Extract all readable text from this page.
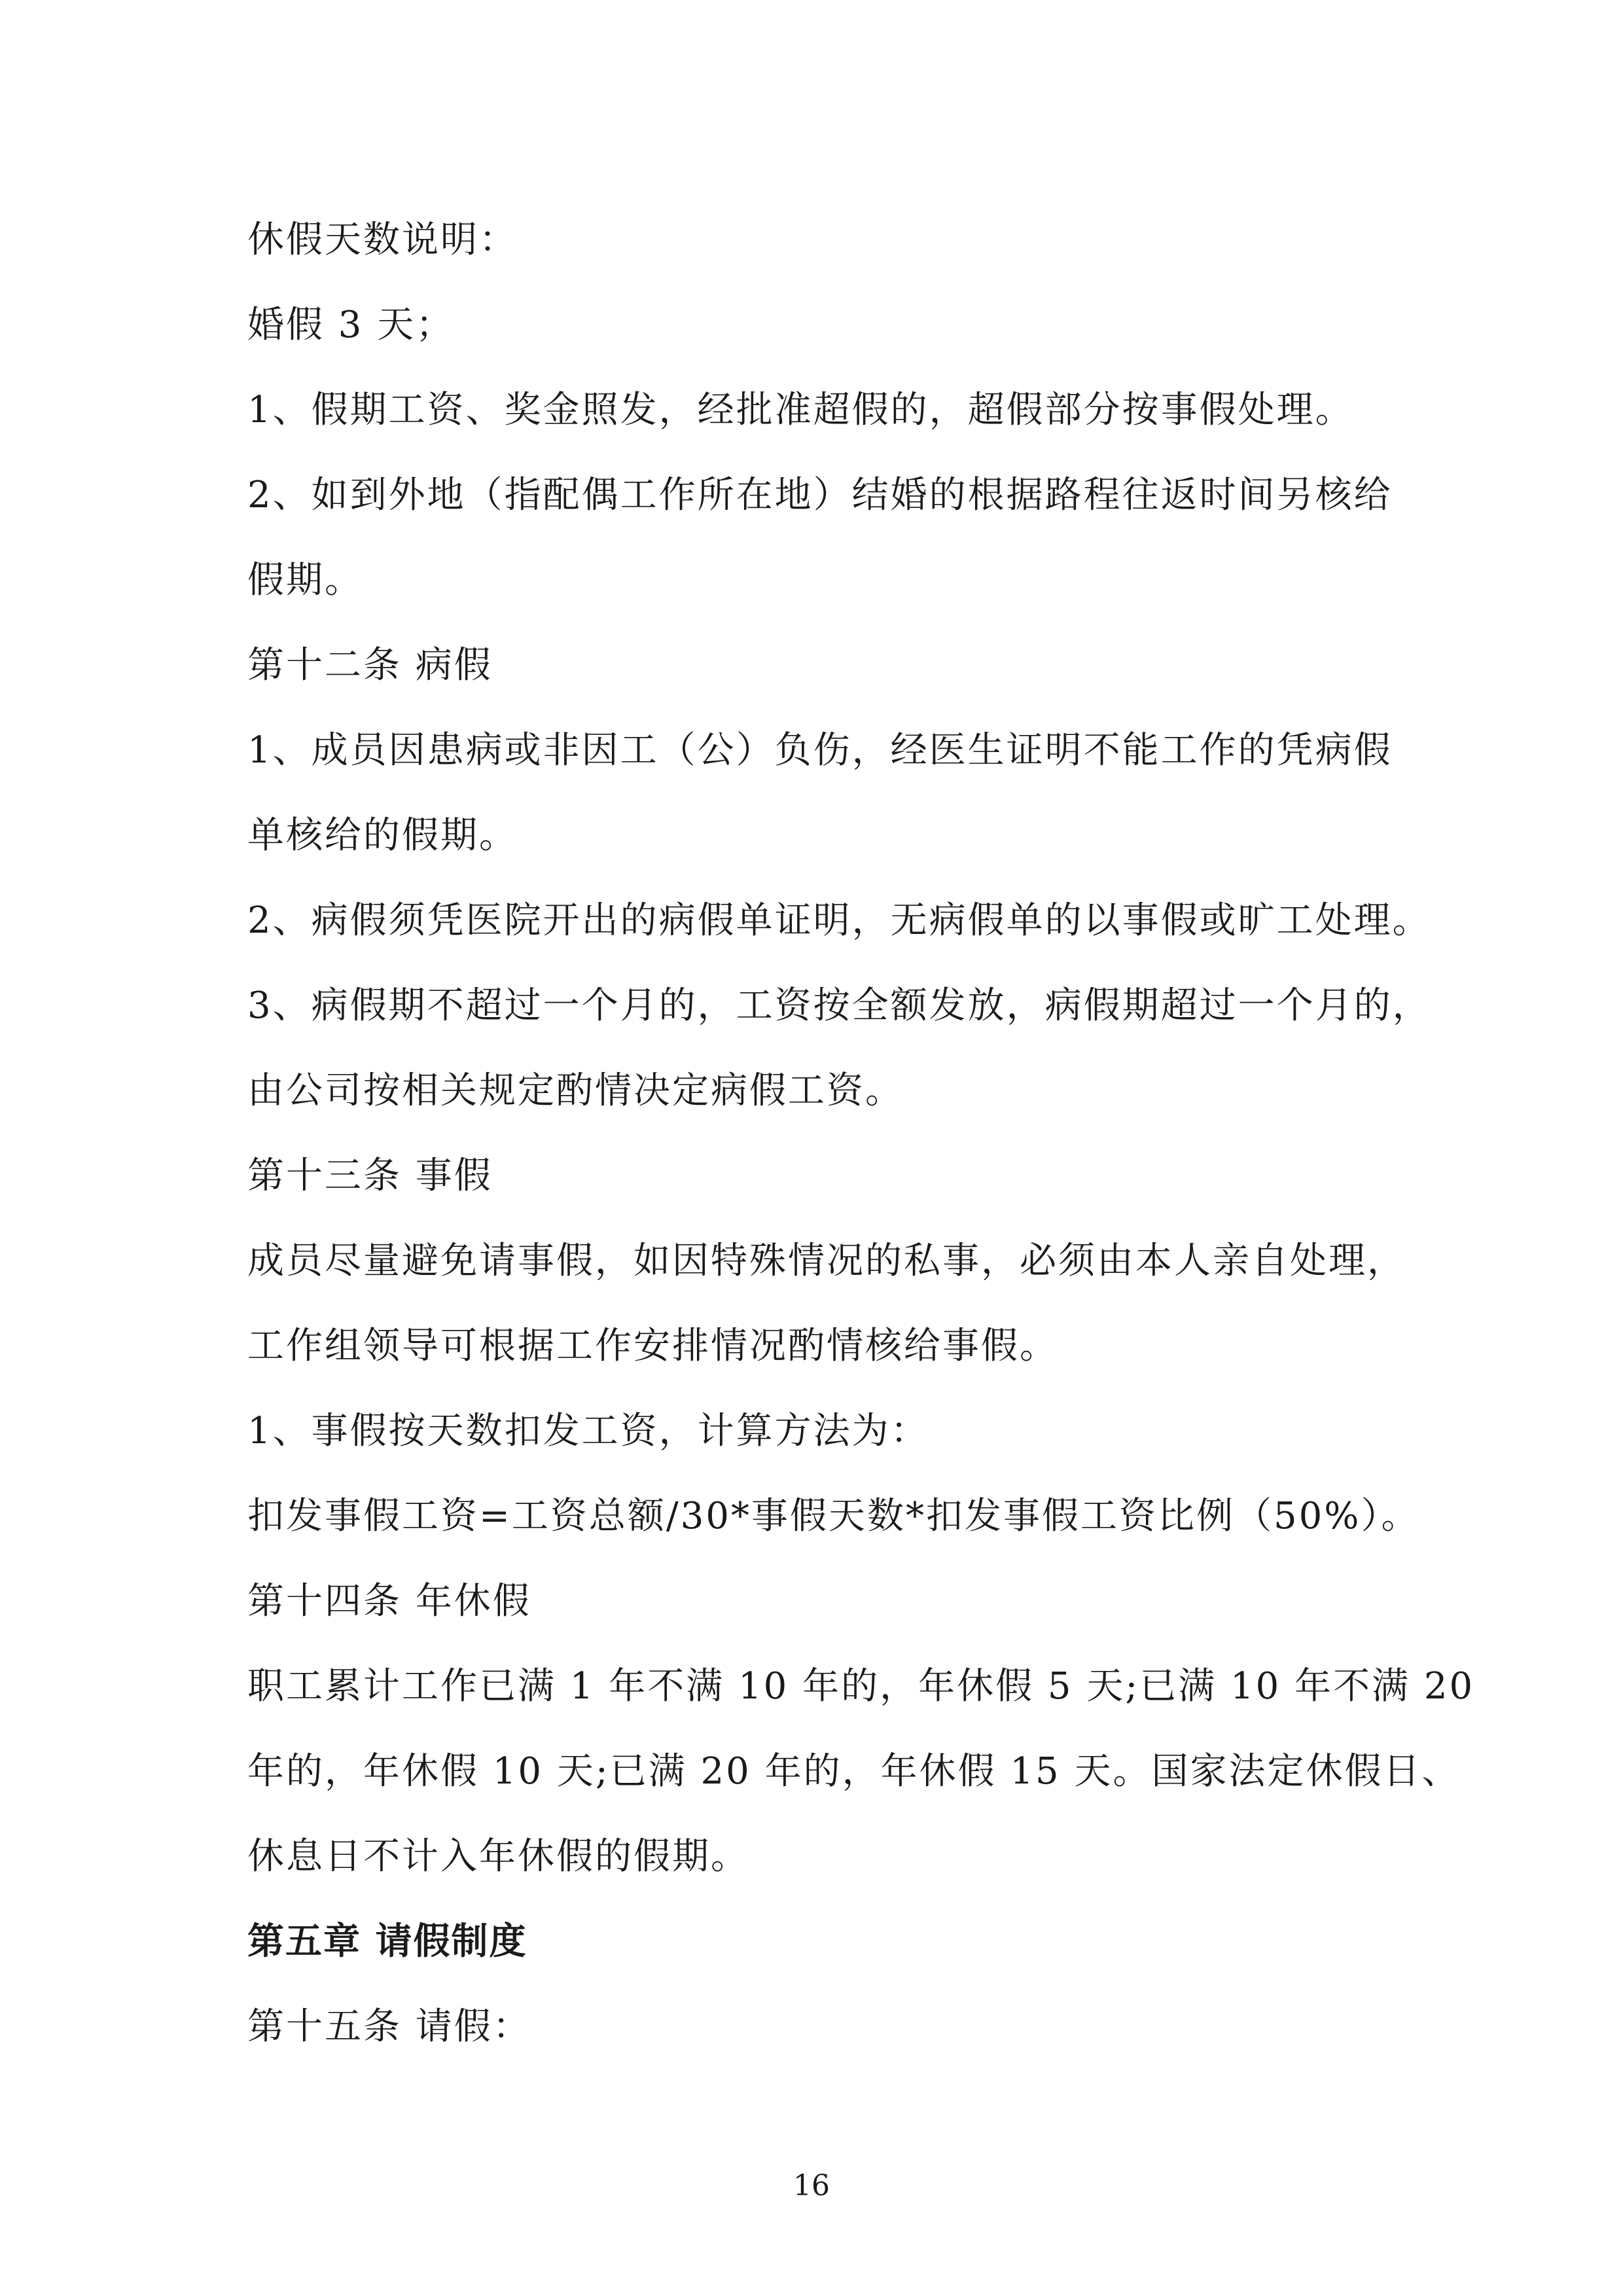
休假天数说明：
婚假 3 天；
1、假期工资、奖金照发，经批准超假的，超假部分按事假处理。
2、如到外地（指配偶工作所在地）结婚的根据路程往返时间另核给
假期。
第十二条 病假
1、成员因患病或非因工（公）负伤，经医生证明不能工作的凭病假
单核给的假期。
2、病假须凭医院开出的病假单证明，无病假单的以事假或旷工处理。
3、病假期不超过一个月的，工资按全额发放，病假期超过一个月的，
由公司按相关规定酌情决定病假工资。
第十三条 事假
成员尽量避免请事假，如因特殊情况的私事，必须由本人亲自处理，
工作组领导可根据工作安排情况酌情核给事假。
1、事假按天数扣发工资，计算方法为：
扣发事假工资=工资总额/30*事假天数*扣发事假工资比例（50%）。
第十四条 年休假
职工累计工作已满 1 年不满 10 年的，年休假 5 天;已满 10 年不满 20
年的，年休假 10 天;已满 20 年的，年休假 15 天。国家法定休假日、
休息日不计入年休假的假期。
第五章 请假制度
第十五条 请假：
16
